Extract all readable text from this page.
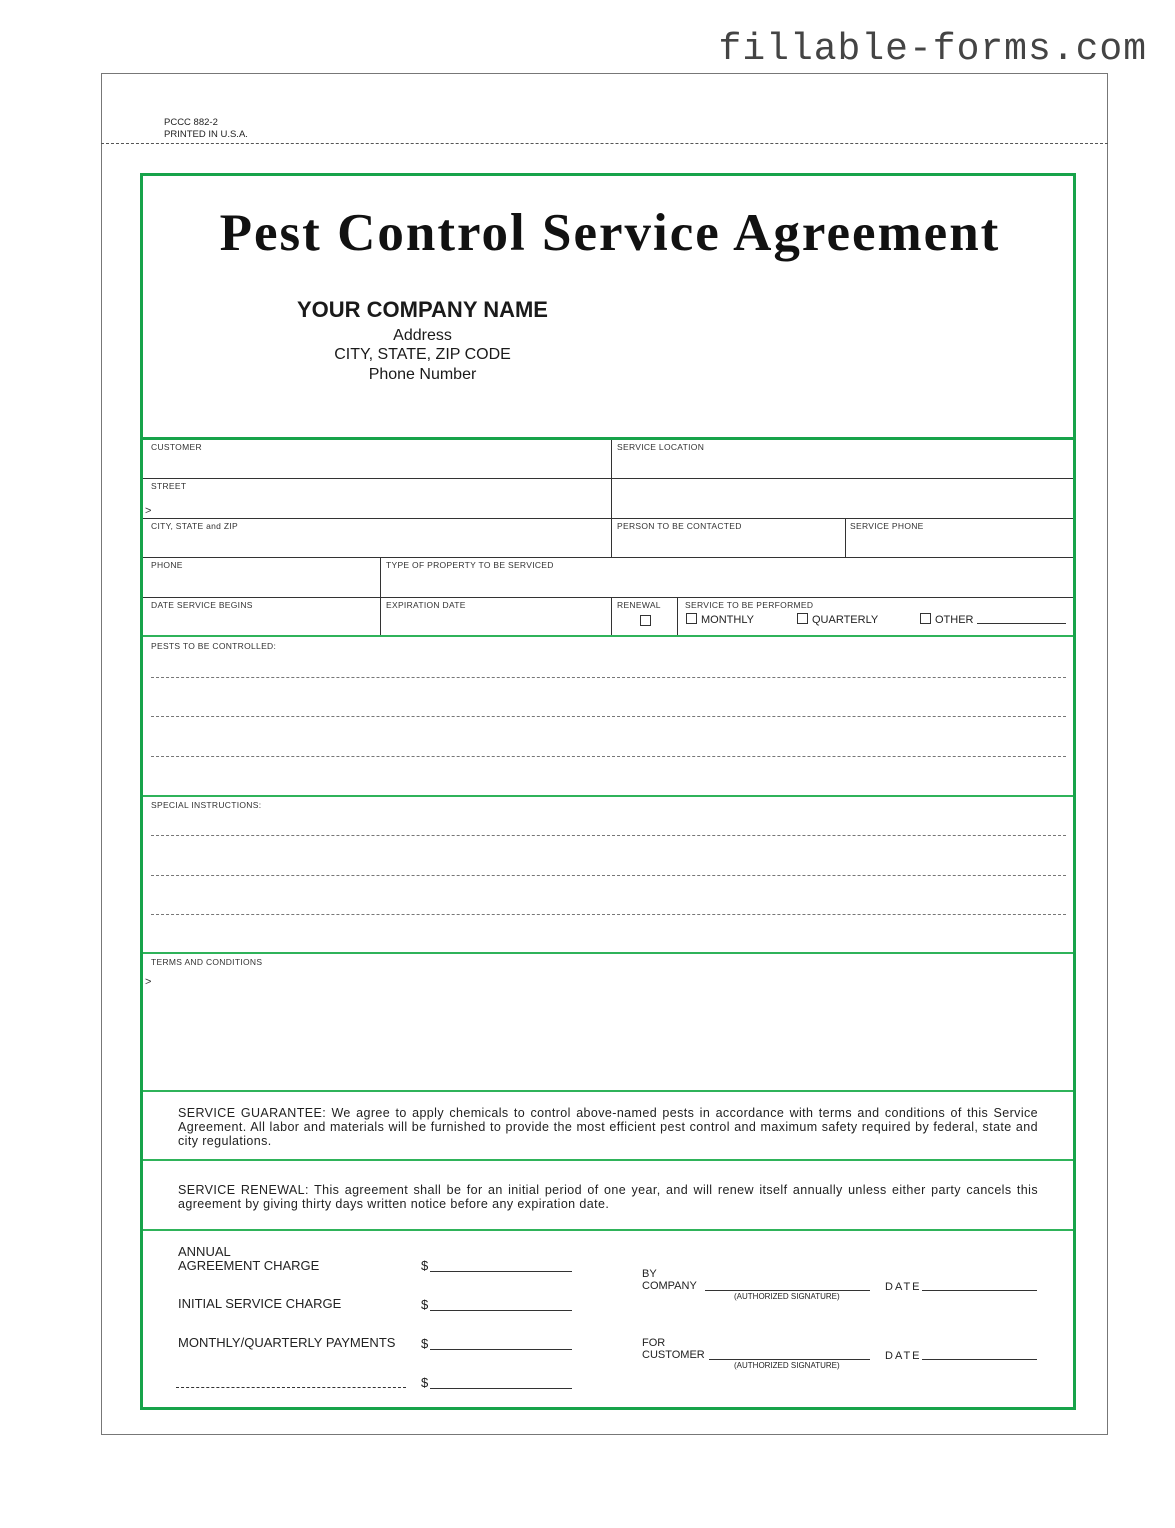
fillable-forms.com
PCCC 882-2
PRINTED IN U.S.A.
Pest Control Service Agreement
YOUR COMPANY NAME
Address
CITY, STATE, ZIP CODE
Phone Number
CUSTOMER	SERVICE LOCATION
STREET
>
CITY, STATE and ZIP	PERSON TO BE CONTACTED	SERVICE PHONE
PHONE	TYPE OF PROPERTY TO BE SERVICED
DATE SERVICE BEGINS	EXPIRATION DATE	RENEWAL	SERVICE TO BE PERFORMED
MONTHLY	QUARTERLY	OTHER
PESTS TO BE CONTROLLED:
SPECIAL INSTRUCTIONS:
TERMS AND CONDITIONS
>
SERVICE GUARANTEE: We agree to apply chemicals to control above-named pests in accordance with terms and conditions of this Service Agreement. All labor and materials will be furnished to provide the most efficient pest control and maximum safety required by federal, state and city regulations.
SERVICE RENEWAL: This agreement shall be for an initial period of one year, and will renew itself annually unless either party cancels this agreement by giving thirty days written notice before any expiration date.
ANNUAL
AGREEMENT CHARGE	$
INITIAL SERVICE CHARGE	$
MONTHLY/QUARTERLY PAYMENTS $
$
BY
COMPANY
(AUTHORIZED SIGNATURE)
DATE
FOR
CUSTOMER
(AUTHORIZED SIGNATURE)
DATE
